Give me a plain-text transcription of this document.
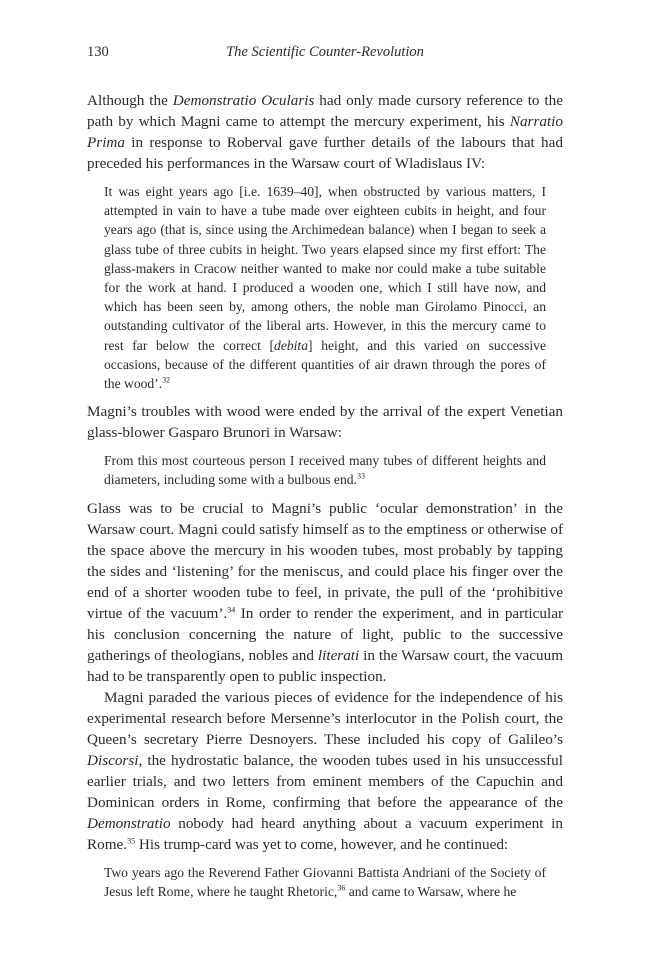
130	The Scientific Counter-Revolution

Although the Demonstratio Ocularis had only made cursory reference to the path by which Magni came to attempt the mercury experiment, his Narratio Prima in response to Roberval gave further details of the labours that had preceded his performances in the Warsaw court of Wladislaus IV:

It was eight years ago [i.e. 1639–40], when obstructed by various matters, I attempted in vain to have a tube made over eighteen cubits in height, and four years ago (that is, since using the Archimedean balance) when I began to seek a glass tube of three cubits in height. Two years elapsed since my first effort: The glass-makers in Cracow neither wanted to make nor could make a tube suitable for the work at hand. I produced a wooden one, which I still have now, and which has been seen by, among others, the noble man Girolamo Pinocci, an outstanding cultivator of the liberal arts. However, in this the mercury came to rest far below the correct [debita] height, and this varied on successive occasions, because of the different quantities of air drawn through the pores of the wood’.$^{32}$

Magni’s troubles with wood were ended by the arrival of the expert Venetian glass-blower Gasparo Brunori in Warsaw:

From this most courteous person I received many tubes of different heights and diameters, including some with a bulbous end.$^{33}$

Glass was to be crucial to Magni’s public ‘ocular demonstration’ in the Warsaw court. Magni could satisfy himself as to the emptiness or otherwise of the space above the mercury in his wooden tubes, most probably by tapping the sides and ‘listening’ for the meniscus, and could place his finger over the end of a shorter wooden tube to feel, in private, the pull of the ‘prohibitive virtue of the vacuum’.$^{34}$ In order to render the experiment, and in particular his conclusion concerning the nature of light, public to the successive gatherings of theologians, nobles and literati in the Warsaw court, the vacuum had to be transparently open to public inspection.

Magni paraded the various pieces of evidence for the independence of his experimental research before Mersenne’s interlocutor in the Polish court, the Queen’s secretary Pierre Desnoyers. These included his copy of Galileo’s Discorsi, the hydrostatic balance, the wooden tubes used in his unsuccessful earlier trials, and two letters from eminent members of the Capuchin and Dominican orders in Rome, confirming that before the appearance of the Demonstratio nobody had heard anything about a vacuum experiment in Rome.$^{35}$ His trump-card was yet to come, however, and he continued:

Two years ago the Reverend Father Giovanni Battista Andriani of the Society of Jesus left Rome, where he taught Rhetoric,$^{36}$ and came to Warsaw, where he
